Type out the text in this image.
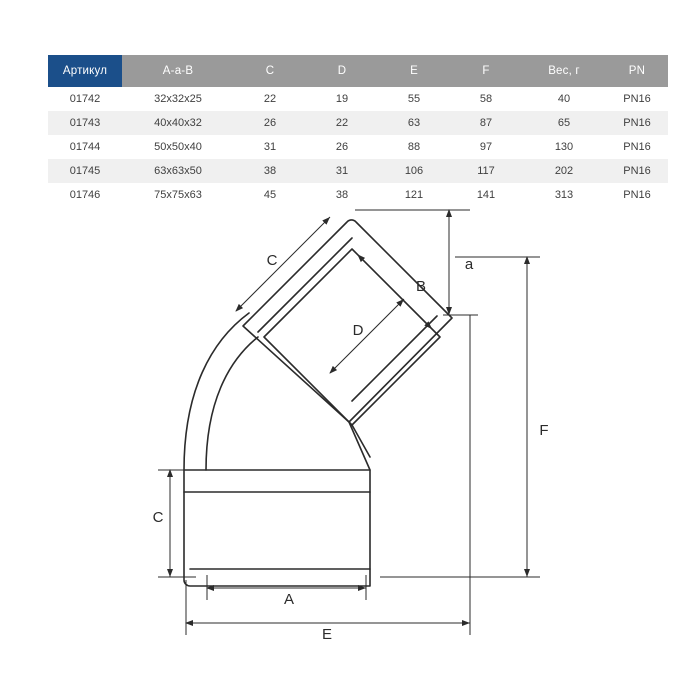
Артикул	A-a-B	C	D	E	F	Вес, г	PN
01742	32x32x25	22	19	55	58	40	PN16
01743	40x40x32	26	22	63	87	65	PN16
01744	50x50x40	31	26	88	97	130	PN16
01745	63x63x50	38	31	106	117	202	PN16
01746	75x75x63	45	38	121	141	313	PN16
C
B
D
a
F
C
A
E
